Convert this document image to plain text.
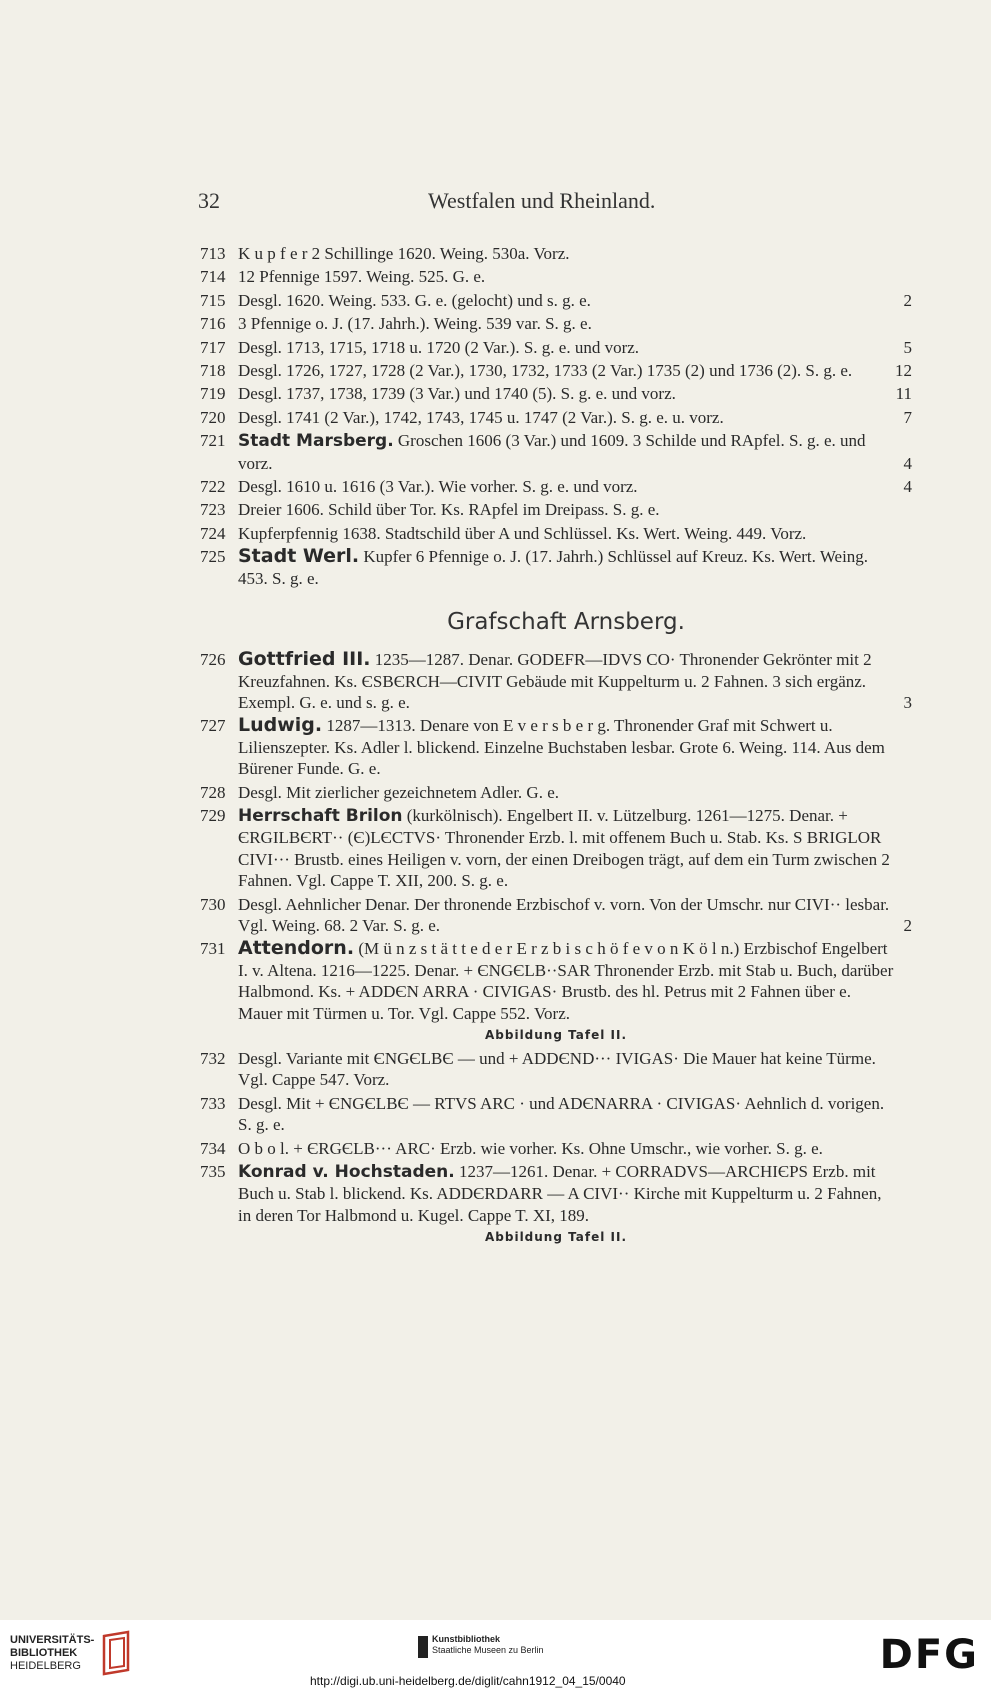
32	Westfalen und Rheinland.
713 K u p f e r 2 Schillinge 1620. Weing. 530a. Vorz.
714 12 Pfennige 1597. Weing. 525. G. e.
715 Desgl. 1620. Weing. 533. G. e. (gelocht) und s. g. e.	2
716 3 Pfennige o. J. (17. Jahrh.). Weing. 539 var. S. g. e.
717 Desgl. 1713, 1715, 1718 u. 1720 (2 Var.). S. g. e. und vorz.	5
718 Desgl. 1726, 1727, 1728 (2 Var.), 1730, 1732, 1733 (2 Var.) 1735 (2) und 1736 (2). S. g. e.	12
719 Desgl. 1737, 1738, 1739 (3 Var.) und 1740 (5). S. g. e. und vorz.	11
720 Desgl. 1741 (2 Var.), 1742, 1743, 1745 u. 1747 (2 Var.). S. g. e. u. vorz.	7
721 Stadt Marsberg. Groschen 1606 (3 Var.) und 1609. 3 Schilde und RApfel. S. g. e. und vorz.	4
722 Desgl. 1610 u. 1616 (3 Var.). Wie vorher. S. g. e. und vorz.	4
723 Dreier 1606. Schild über Tor. Ks. RApfel im Dreipass. S. g. e.
724 Kupferpfennig 1638. Stadtschild über A und Schlüssel. Ks. Wert. Weing. 449. Vorz.
725 Stadt Werl. Kupfer 6 Pfennige o. J. (17. Jahrh.) Schlüssel auf Kreuz. Ks. Wert. Weing. 453. S. g. e.
Grafschaft Arnsberg.
726 Gottfried III. 1235—1287. Denar. GODEFR—IDVS CO· Thronender Gekrönter mit 2 Kreuzfahnen. Ks. ЄSBЄRCH—CIVIT Gebäude mit Kuppelturm u. 2 Fahnen. 3 sich ergänz. Exempl. G. e. und s. g. e.	3
727 Ludwig. 1287—1313. Denare von E v e r s b e r g. Thronender Graf mit Schwert u. Lilienszepter. Ks. Adler l. blickend. Einzelne Buchstaben lesbar. Grote 6. Weing. 114. Aus dem Bürener Funde. G. e.
728 Desgl. Mit zierlicher gezeichnetem Adler. G. e.
729 Herrschaft Brilon (kurkölnisch). Engelbert II. v. Lützelburg. 1261—1275. Denar. + ЄRGILBЄRT·· (Є)LЄCTVS· Thronender Erzb. l. mit offenem Buch u. Stab. Ks. S BRIGLOR CIVI··· Brustb. eines Heiligen v. vorn, der einen Dreibogen trägt, auf dem ein Turm zwischen 2 Fahnen. Vgl. Cappe T. XII, 200. S. g. e.
730 Desgl. Aehnlicher Denar. Der thronende Erzbischof v. vorn. Von der Umschr. nur CIVI·· lesbar. Vgl. Weing. 68. 2 Var. S. g. e.	2
731 Attendorn. (M ü n z s t ä t t e d e r E r z b i s c h ö f e v o n K ö l n.) Erzbischof Engelbert I. v. Altena. 1216—1225. Denar. + ЄNGЄLB··SAR Thronender Erzb. mit Stab u. Buch, darüber Halbmond. Ks. + ADDЄN ARRA · CIVIGAS· Brustb. des hl. Petrus mit 2 Fahnen über e. Mauer mit Türmen u. Tor. Vgl. Cappe 552. Vorz.
Abbildung Tafel II.
732 Desgl. Variante mit ЄNGЄLBЄ — und + ADDЄND··· IVIGAS· Die Mauer hat keine Türme. Vgl. Cappe 547. Vorz.
733 Desgl. Mit + ЄNGЄLBЄ — RTVS ARC · und ADЄNARRA · CIVIGAS· Aehnlich d. vorigen. S. g. e.
734 O b o l. + ЄRGЄLB··· ARC· Erzb. wie vorher. Ks. Ohne Umschr., wie vorher. S. g. e.
735 Konrad v. Hochstaden. 1237—1261. Denar. + CORRADVS—ARCHIЄPS Erzb. mit Buch u. Stab l. blickend. Ks. ADDЄRDARR — A CIVI·· Kirche mit Kuppelturm u. 2 Fahnen, in deren Tor Halbmond u. Kugel. Cappe T. XI, 189.
Abbildung Tafel II.
UNIVERSITÄTS-
BIBLIOTHEK
HEIDELBERG
Kunstbibliothek
Staatliche Museen zu Berlin	DFG
http://digi.ub.uni-heidelberg.de/diglit/cahn1912_04_15/0040
